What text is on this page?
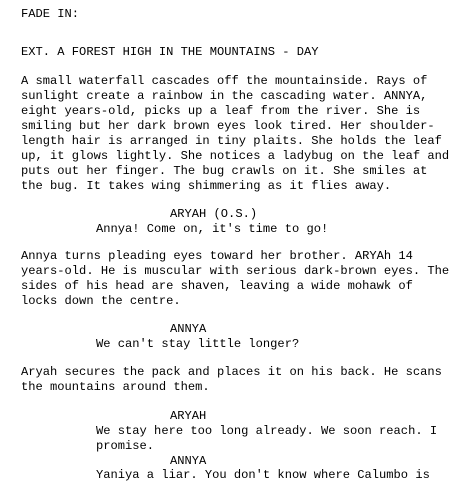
FADE IN:
EXT. A FOREST HIGH IN THE MOUNTAINS - DAY
A small waterfall cascades off the mountainside. Rays of
sunlight create a rainbow in the cascading water. ANNYA,
eight years-old, picks up a leaf from the river. She is
smiling but her dark brown eyes look tired. Her shoulder-
length hair is arranged in tiny plaits. She holds the leaf
up, it glows lightly. She notices a ladybug on the leaf and
puts out her finger. The bug crawls on it. She smiles at
the bug. It takes wing shimmering as it flies away.
ARYAH (O.S.)
Annya! Come on, it's time to go!
Annya turns pleading eyes toward her brother. ARYAh 14
years-old. He is muscular with serious dark-brown eyes. The
sides of his head are shaven, leaving a wide mohawk of
locks down the centre.
ANNYA
We can't stay little longer?
Aryah secures the pack and places it on his back. He scans
the mountains around them.
ARYAH
We stay here too long already. We soon reach. I
promise.
ANNYA
Yaniya a liar. You don't know where Calumbo is
